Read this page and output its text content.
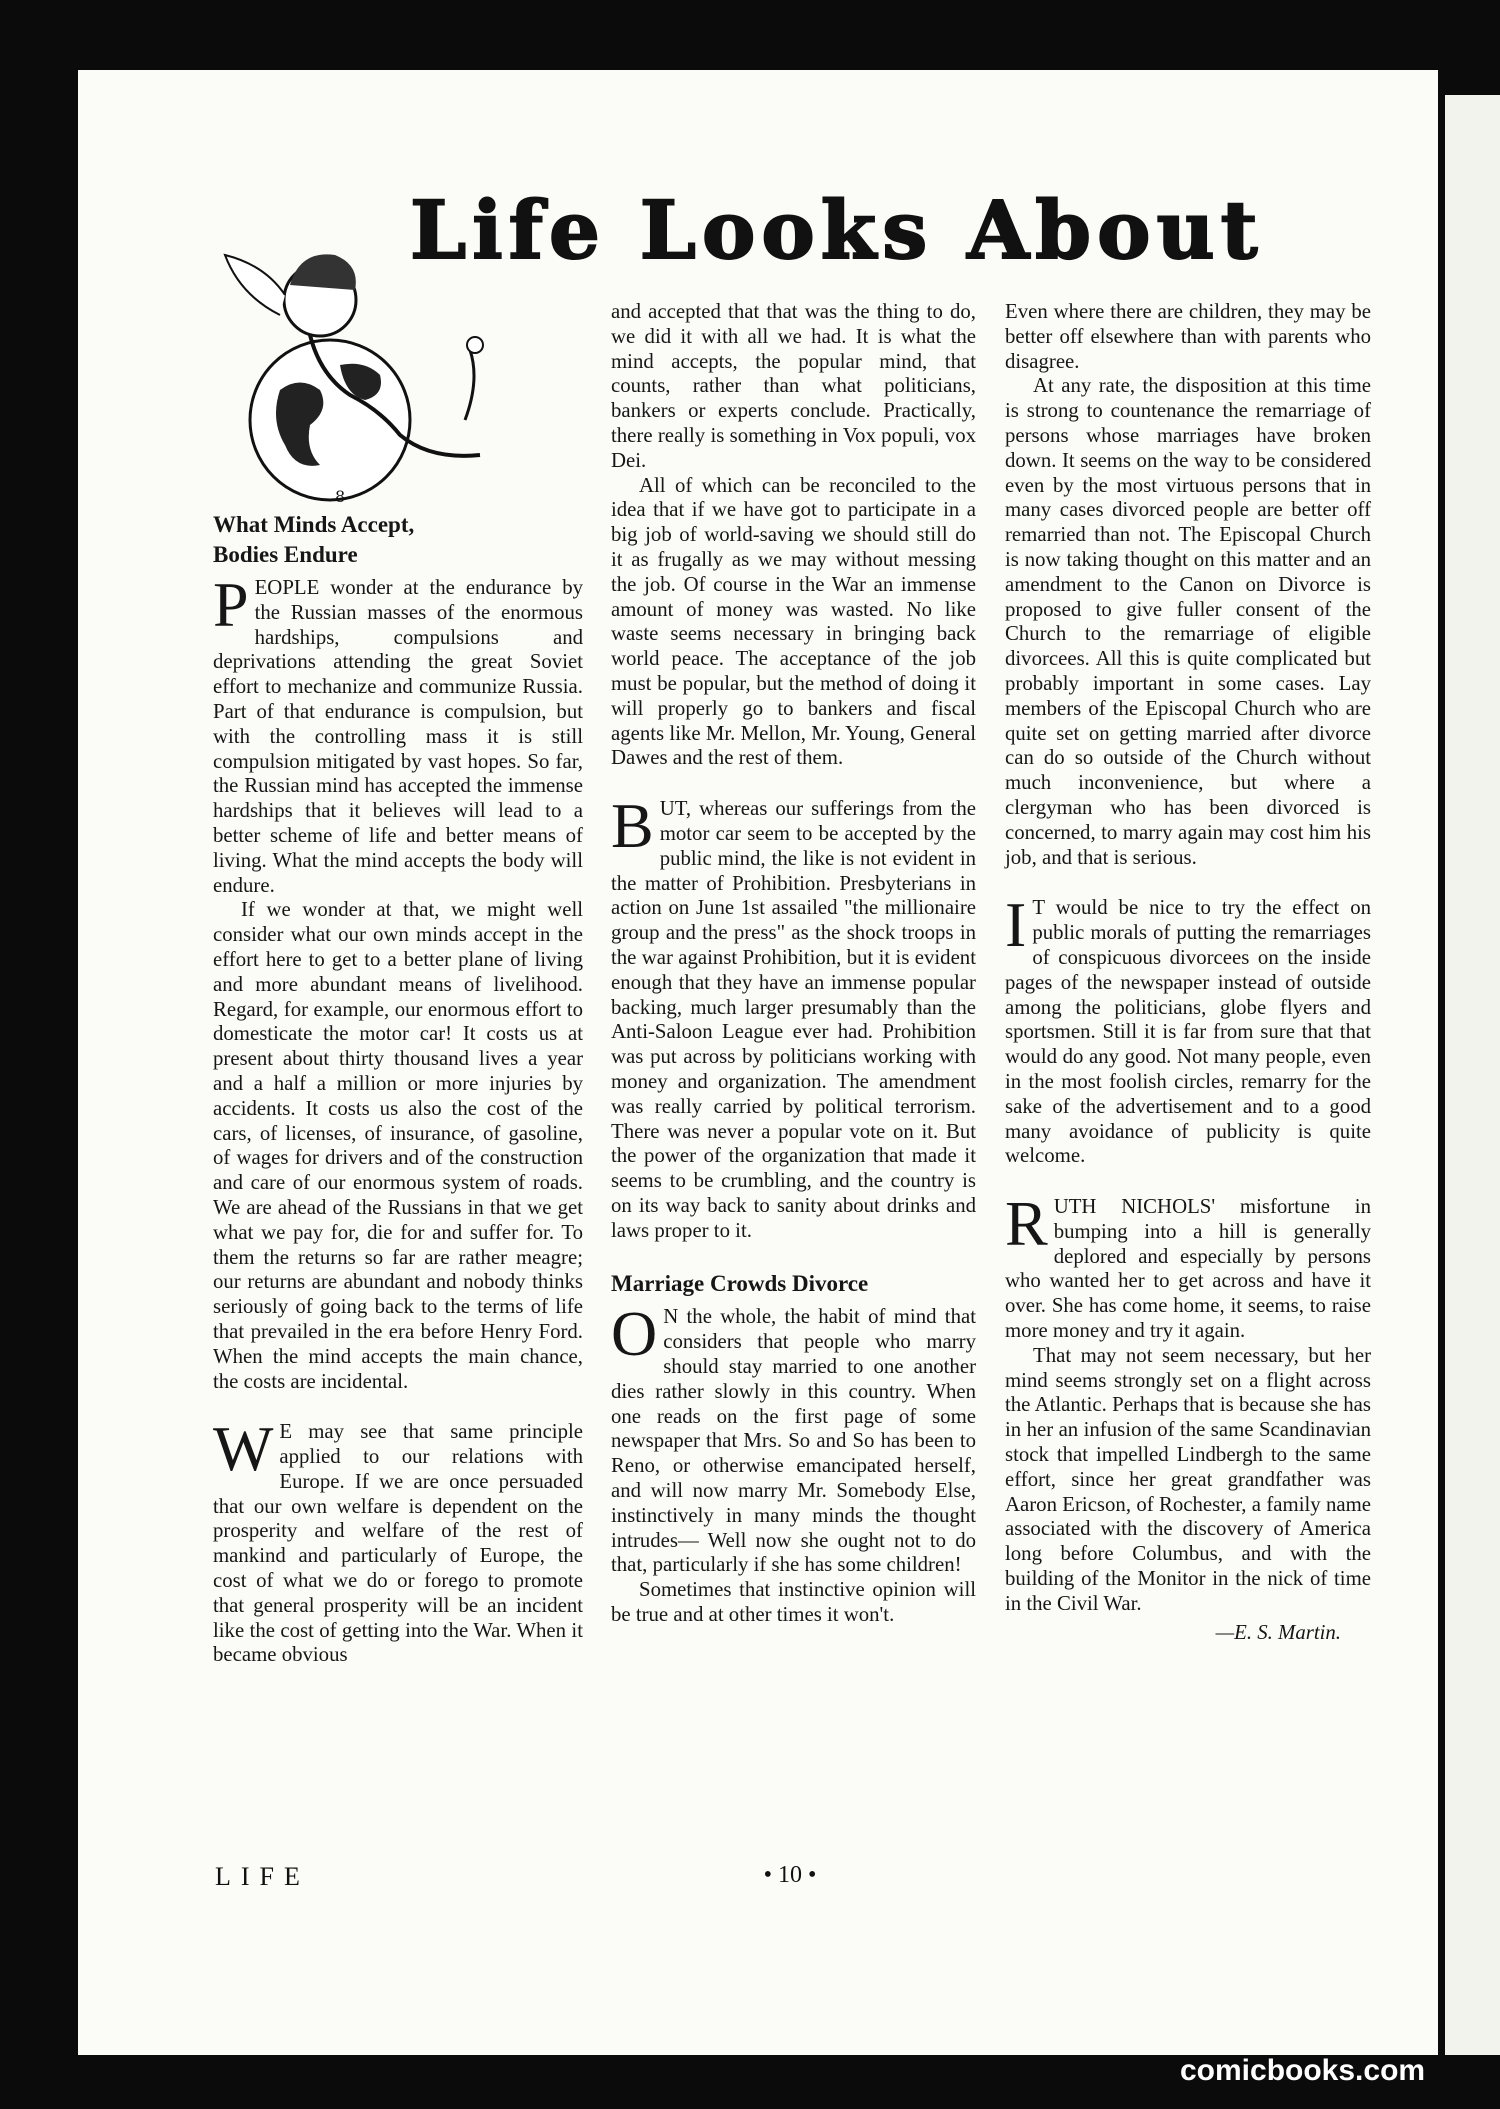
Life Looks About
8
What Minds Accept,
Bodies Endure

PEOPLE wonder at the endurance by the Russian masses of the enormous hardships, compulsions and deprivations attending the great Soviet effort to mechanize and communize Russia. Part of that endurance is compulsion, but with the controlling mass it is still compulsion mitigated by vast hopes. So far, the Russian mind has accepted the immense hardships that it believes will lead to a better scheme of life and better means of living. What the mind accepts the body will endure.

If we wonder at that, we might well consider what our own minds accept in the effort here to get to a better plane of living and more abundant means of livelihood. Regard, for example, our enormous effort to domesticate the motor car! It costs us at present about thirty thousand lives a year and a half a million or more injuries by accidents. It costs us also the cost of the cars, of licenses, of insurance, of gasoline, of wages for drivers and of the construction and care of our enormous system of roads. We are ahead of the Russians in that we get what we pay for, die for and suffer for. To them the returns so far are rather meagre; our returns are abundant and nobody thinks seriously of going back to the terms of life that prevailed in the era before Henry Ford. When the mind accepts the main chance, the costs are incidental.

W E may see that same principle applied to our relations with Europe. If we are once persuaded that our own welfare is dependent on the prosperity and welfare of the rest of mankind and particularly of Europe, the cost of what we do or forego to promote that general prosperity will be an incident like the cost of getting into the War. When it became obvious

and accepted that that was the thing to do, we did it with all we had. It is what the mind accepts, the popular mind, that counts, rather than what politicians, bankers or experts conclude. Practically, there really is something in Vox populi, vox Dei.

All of which can be reconciled to the idea that if we have got to participate in a big job of world-saving we should still do it as frugally as we may without messing the job. Of course in the War an immense amount of money was wasted. No like waste seems necessary in bringing back world peace. The acceptance of the job must be popular, but the method of doing it will properly go to bankers and fiscal agents like Mr. Mellon, Mr. Young, General Dawes and the rest of them.

BUT, whereas our sufferings from the motor car seem to be accepted by the public mind, the like is not evident in the matter of Prohibition. Presbyterians in action on June 1st assailed "the millionaire group and the press" as the shock troops in the war against Prohibition, but it is evident enough that they have an immense popular backing, much larger presumably than the Anti-Saloon League ever had. Prohibition was put across by politicians working with money and organization. The amendment was really carried by political terrorism. There was never a popular vote on it. But the power of the organization that made it seems to be crumbling, and the country is on its way back to sanity about drinks and laws proper to it.

Marriage Crowds Divorce

O N the whole, the habit of mind that considers that people who marry should stay married to one another dies rather slowly in this country. When one reads on the first page of some newspaper that Mrs. So and So has been to Reno, or otherwise emancipated herself, and will now marry Mr. Somebody Else, instinctively in many minds the thought intrudes— Well now she ought not to do that, particularly if she has some children!

Sometimes that instinctive opinion will be true and at other times it won't.

Even where there are children, they may be better off elsewhere than with parents who disagree.

At any rate, the disposition at this time is strong to countenance the remarriage of persons whose marriages have broken down. It seems on the way to be considered even by the most virtuous persons that in many cases divorced people are better off remarried than not. The Episcopal Church is now taking thought on this matter and an amendment to the Canon on Divorce is proposed to give fuller consent of the Church to the remarriage of eligible divorcees. All this is quite complicated but probably important in some cases. Lay members of the Episcopal Church who are quite set on getting married after divorce can do so outside of the Church without much inconvenience, but where a clergyman who has been divorced is concerned, to marry again may cost him his job, and that is serious.

I T would be nice to try the effect on public morals of putting the remarriages of conspicuous divorcees on the inside pages of the newspaper instead of outside among the politicians, globe flyers and sportsmen. Still it is far from sure that that would do any good. Not many people, even in the most foolish circles, remarry for the sake of the advertisement and to a good many avoidance of publicity is quite welcome.

RUTH NICHOLS' misfortune in bumping into a hill is generally deplored and especially by persons who wanted her to get across and have it over. She has come home, it seems, to raise more money and try it again.

That may not seem necessary, but her mind seems strongly set on a flight across the Atlantic. Perhaps that is because she has in her an infusion of the same Scandinavian stock that impelled Lindbergh to the same effort, since her great grandfather was Aaron Ericson, of Rochester, a family name associated with the discovery of America long before Columbus, and with the building of the Monitor in the nick of time in the Civil War.

—E. S. Martin.
LIFE	• 10 •
comicbooks.com
